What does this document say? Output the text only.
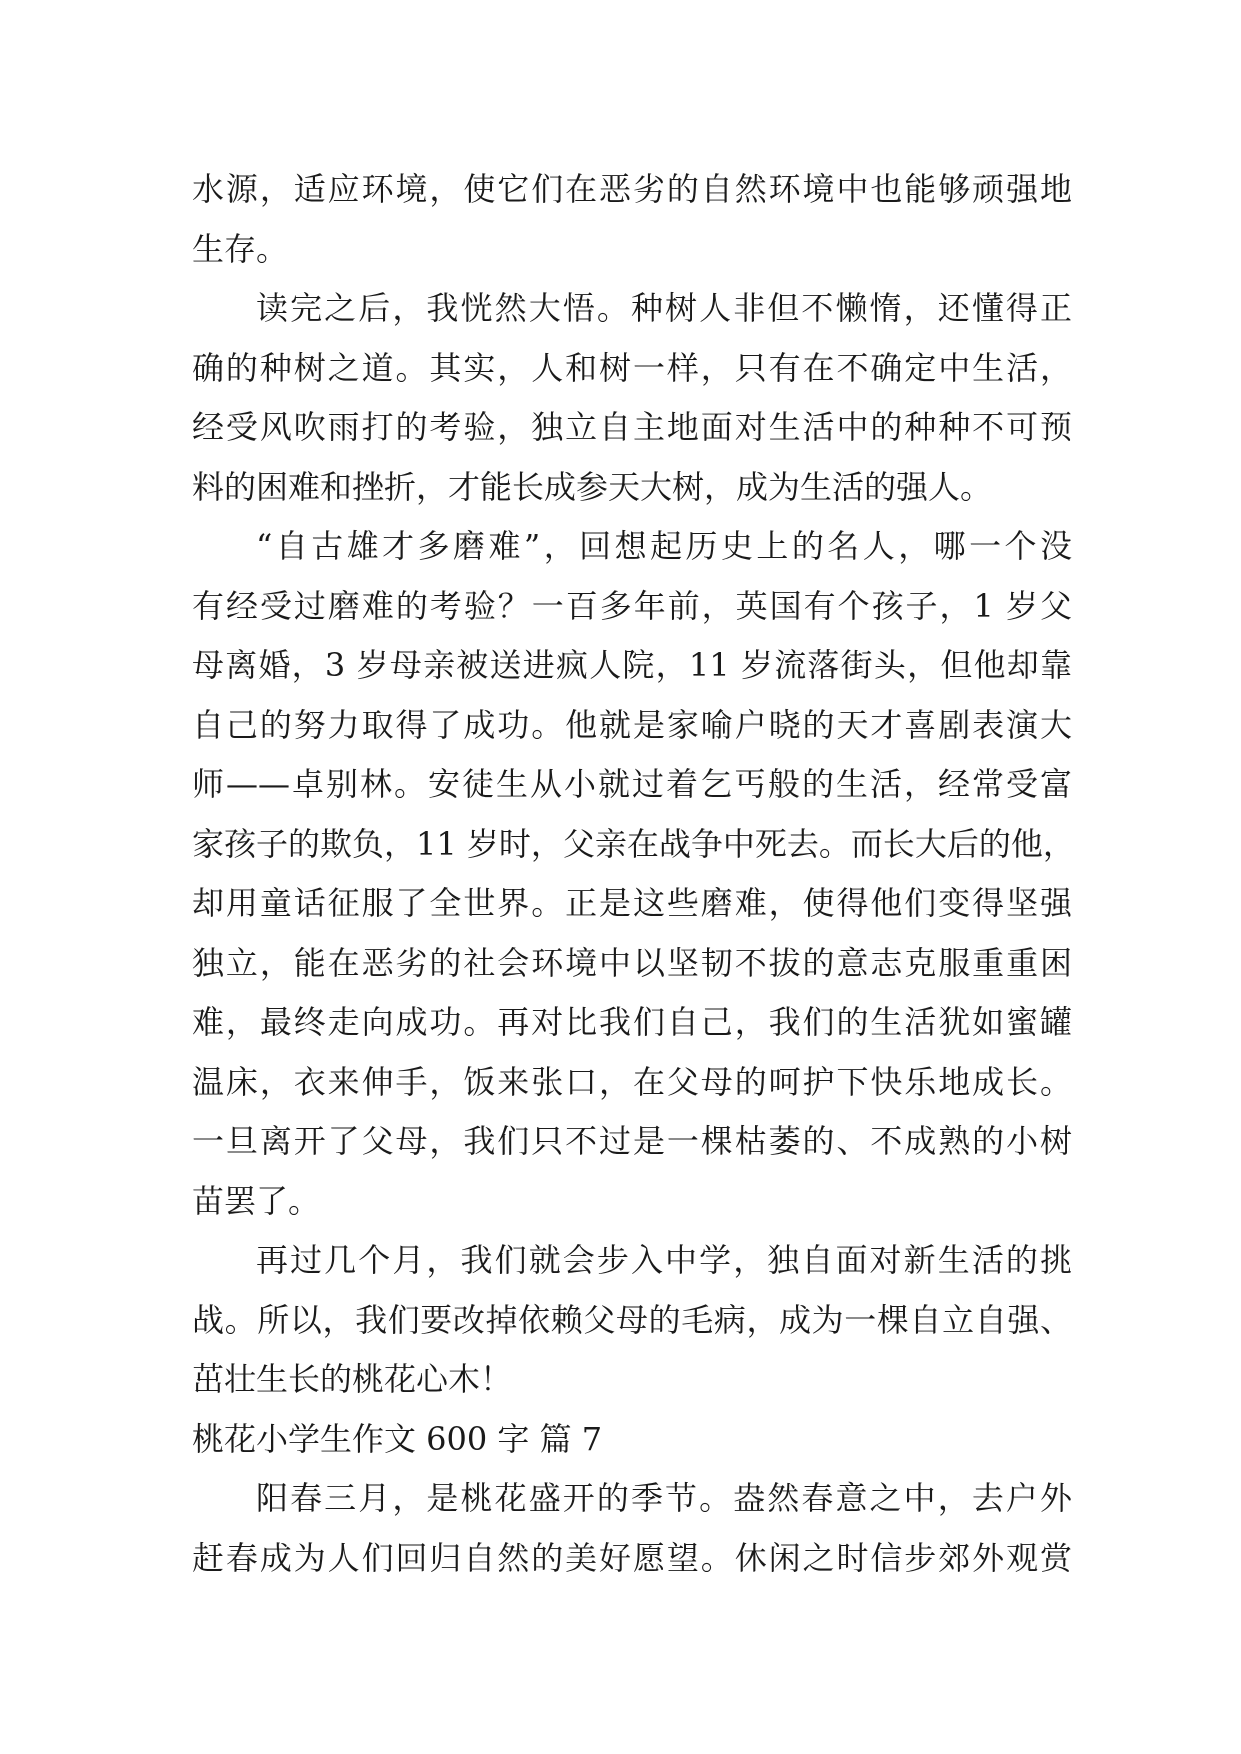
水源，适应环境，使它们在恶劣的自然环境中也能够顽强地
生存。
读完之后，我恍然大悟。种树人非但不懒惰，还懂得正
确的种树之道。其实，人和树一样，只有在不确定中生活，
经受风吹雨打的考验，独立自主地面对生活中的种种不可预
料的困难和挫折，才能长成参天大树，成为生活的强人。
“自古雄才多磨难”，回想起历史上的名人，哪一个没
有经受过磨难的考验？一百多年前，英国有个孩子，1 岁父
母离婚，3 岁母亲被送进疯人院，11 岁流落街头，但他却靠
自己的努力取得了成功。他就是家喻户晓的天才喜剧表演大
师——卓别林。安徒生从小就过着乞丐般的生活，经常受富
家孩子的欺负，11 岁时，父亲在战争中死去。而长大后的他，
却用童话征服了全世界。正是这些磨难，使得他们变得坚强
独立，能在恶劣的社会环境中以坚韧不拔的意志克服重重困
难，最终走向成功。再对比我们自己，我们的生活犹如蜜罐
温床，衣来伸手，饭来张口，在父母的呵护下快乐地成长。
一旦离开了父母，我们只不过是一棵枯萎的、不成熟的小树
苗罢了。
再过几个月，我们就会步入中学，独自面对新生活的挑
战。所以，我们要改掉依赖父母的毛病，成为一棵自立自强、
茁壮生长的桃花心木！
桃花小学生作文 600 字 篇 7
阳春三月，是桃花盛开的季节。盎然春意之中，去户外
赶春成为人们回归自然的美好愿望。休闲之时信步郊外观赏
